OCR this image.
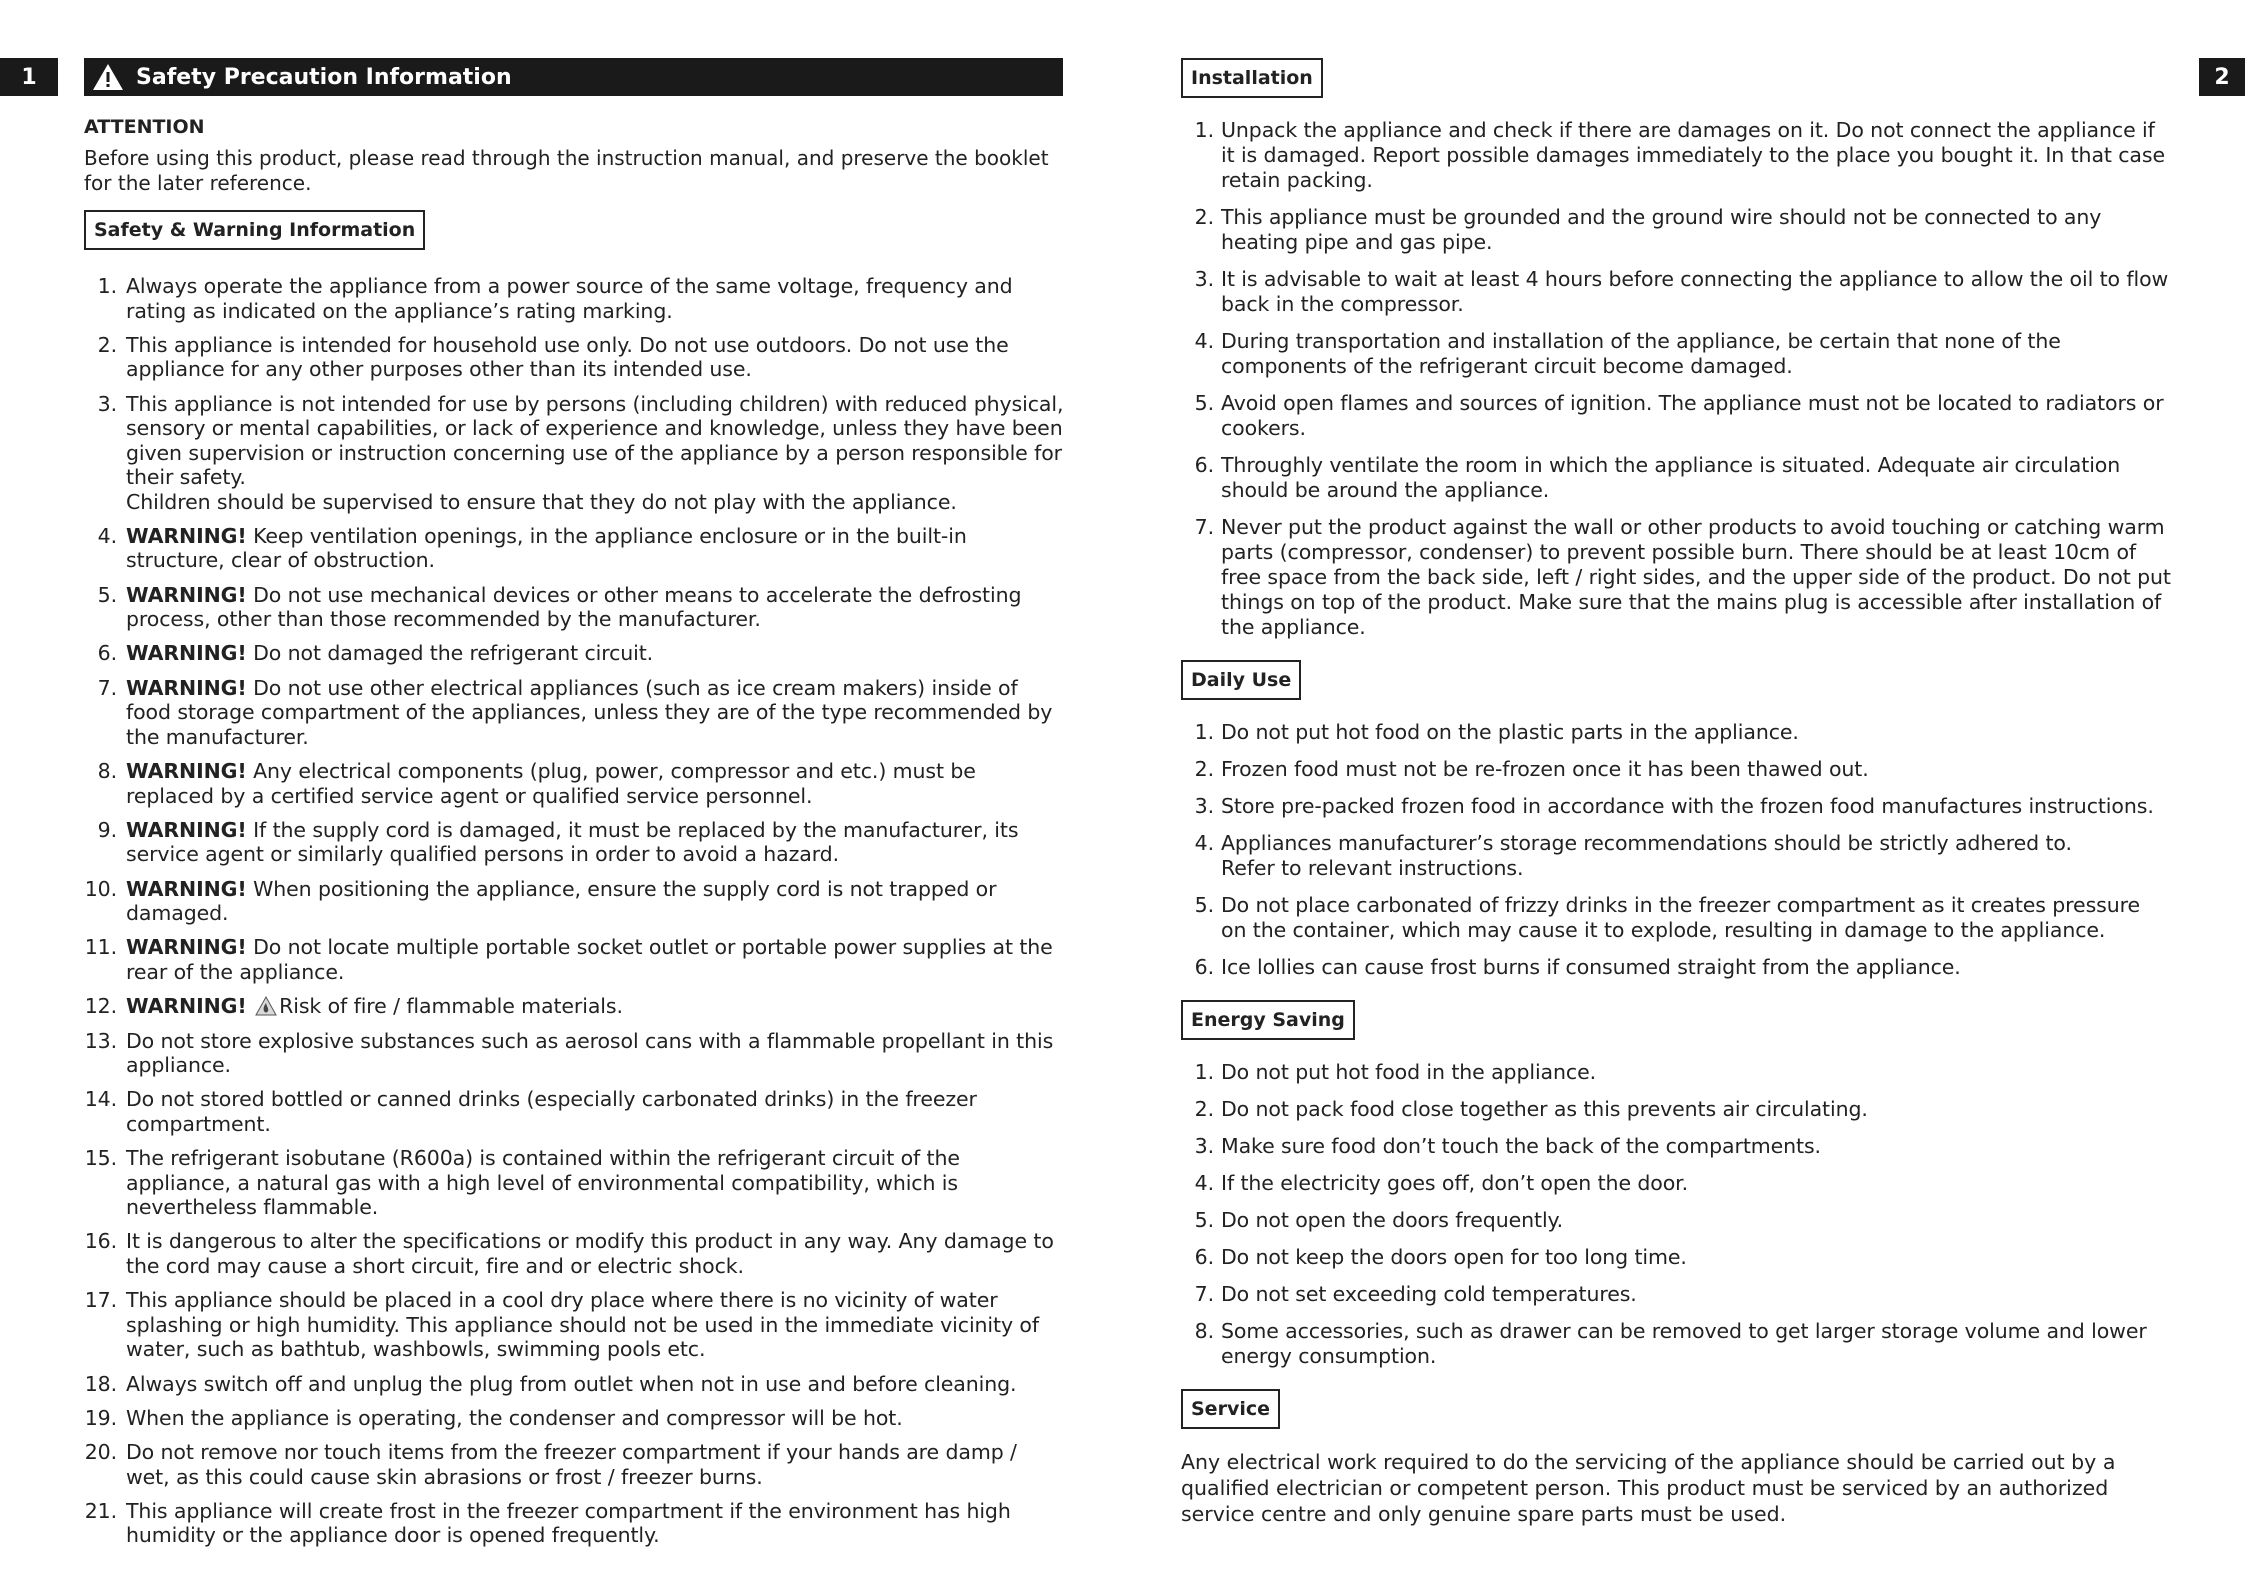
1	2
Safety Precaution Information
ATTENTION
Before using this product, please read through the instruction manual, and preserve the booklet for the later reference.
Safety & Warning Information
1. Always operate the appliance from a power source of the same voltage, frequency and rating as indicated on the appliance’s rating marking.
2. This appliance is intended for household use only. Do not use outdoors. Do not use the appliance for any other purposes other than its intended use.
3. This appliance is not intended for use by persons (including children) with reduced physical, sensory or mental capabilities, or lack of experience and knowledge, unless they have been given supervision or instruction concerning use of the appliance by a person responsible for their safety.
Children should be supervised to ensure that they do not play with the appliance.
4. WARNING! Keep ventilation openings, in the appliance enclosure or in the built-in structure, clear of obstruction.
5. WARNING! Do not use mechanical devices or other means to accelerate the defrosting process, other than those recommended by the manufacturer.
6. WARNING! Do not damaged the refrigerant circuit.
7. WARNING! Do not use other electrical appliances (such as ice cream makers) inside of food storage compartment of the appliances, unless they are of the type recommended by the manufacturer.
8. WARNING! Any electrical components (plug, power, compressor and etc.) must be replaced by a certified service agent or qualified service personnel.
9. WARNING! If the supply cord is damaged, it must be replaced by the manufacturer, its service agent or similarly qualified persons in order to avoid a hazard.
10. WARNING! When positioning the appliance, ensure the supply cord is not trapped or damaged.
11. WARNING! Do not locate multiple portable socket outlet or portable power supplies at the rear of the appliance.
12. WARNING! Risk of fire / flammable materials.
13. Do not store explosive substances such as aerosol cans with a flammable propellant in this appliance.
14. Do not stored bottled or canned drinks (especially carbonated drinks) in the freezer compartment.
15. The refrigerant isobutane (R600a) is contained within the refrigerant circuit of the appliance, a natural gas with a high level of environmental compatibility, which is nevertheless flammable.
16. It is dangerous to alter the specifications or modify this product in any way. Any damage to the cord may cause a short circuit, fire and or electric shock.
17. This appliance should be placed in a cool dry place where there is no vicinity of water splashing or high humidity. This appliance should not be used in the immediate vicinity of water, such as bathtub, washbowls, swimming pools etc.
18. Always switch off and unplug the plug from outlet when not in use and before cleaning.
19. When the appliance is operating, the condenser and compressor will be hot.
20. Do not remove nor touch items from the freezer compartment if your hands are damp / wet, as this could cause skin abrasions or frost / freezer burns.
21. This appliance will create frost in the freezer compartment if the environment has high humidity or the appliance door is opened frequently.
Installation
1. Unpack the appliance and check if there are damages on it. Do not connect the appliance if it is damaged. Report possible damages immediately to the place you bought it. In that case retain packing.
2. This appliance must be grounded and the ground wire should not be connected to any heating pipe and gas pipe.
3. It is advisable to wait at least 4 hours before connecting the appliance to allow the oil to flow back in the compressor.
4. During transportation and installation of the appliance, be certain that none of the components of the refrigerant circuit become damaged.
5. Avoid open flames and sources of ignition. The appliance must not be located to radiators or cookers.
6. Throughly ventilate the room in which the appliance is situated. Adequate air circulation should be around the appliance.
7. Never put the product against the wall or other products to avoid touching or catching warm parts (compressor, condenser) to prevent possible burn. There should be at least 10cm of free space from the back side, left / right sides, and the upper side of the product. Do not put things on top of the product. Make sure that the mains plug is accessible after installation of the appliance.
Daily Use
1. Do not put hot food on the plastic parts in the appliance.
2. Frozen food must not be re-frozen once it has been thawed out.
3. Store pre-packed frozen food in accordance with the frozen food manufactures instructions.
4. Appliances manufacturer’s storage recommendations should be strictly adhered to.
Refer to relevant instructions.
5. Do not place carbonated of frizzy drinks in the freezer compartment as it creates pressure on the container, which may cause it to explode, resulting in damage to the appliance.
6. Ice lollies can cause frost burns if consumed straight from the appliance.
Energy Saving
1. Do not put hot food in the appliance.
2. Do not pack food close together as this prevents air circulating.
3. Make sure food don’t touch the back of the compartments.
4. If the electricity goes off, don’t open the door.
5. Do not open the doors frequently.
6. Do not keep the doors open for too long time.
7. Do not set exceeding cold temperatures.
8. Some accessories, such as drawer can be removed to get larger storage volume and lower energy consumption.
Service
Any electrical work required to do the servicing of the appliance should be carried out by a qualified electrician or competent person. This product must be serviced by an authorized service centre and only genuine spare parts must be used.
